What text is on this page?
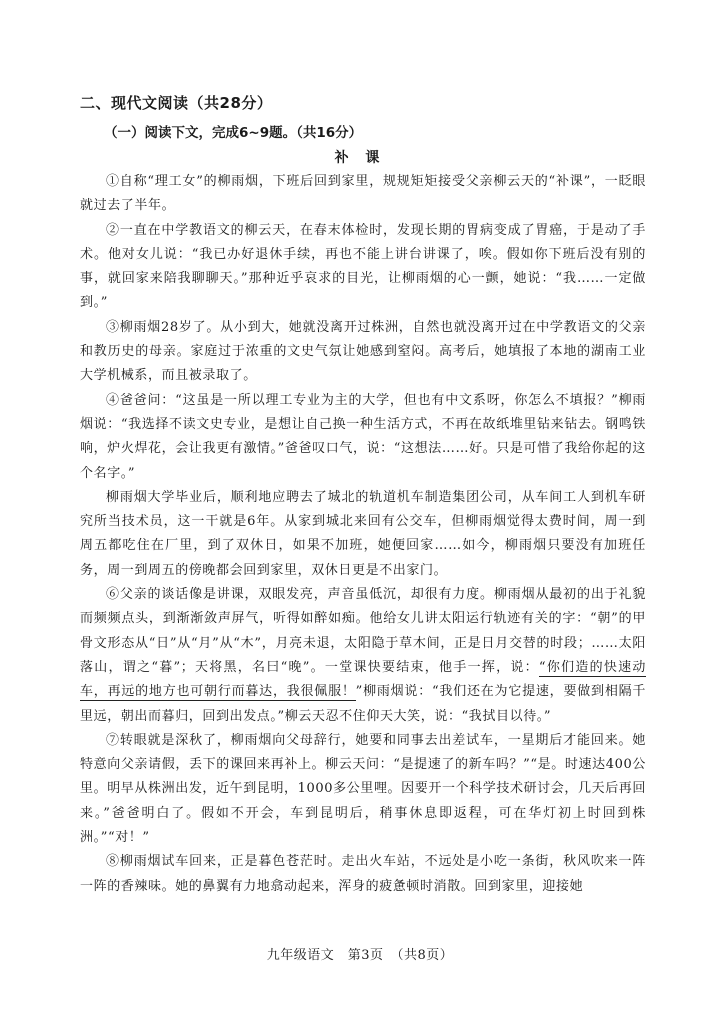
二、现代文阅读（共28分）
（一）阅读下文，完成6~9题。（共16分）
补 课

①自称“理工女”的柳雨烟，下班后回到家里，规规矩矩接受父亲柳云天的“补课”，一眨眼就过去了半年。

②一直在中学教语文的柳云天，在春末体检时，发现长期的胃病变成了胃癌，于是动了手术。他对女儿说：“我已办好退休手续，再也不能上讲台讲课了，唉。假如你下班后没有别的事，就回家来陪我聊聊天。”那种近乎哀求的目光，让柳雨烟的心一颤，她说：“我……一定做到。”

③柳雨烟28岁了。从小到大，她就没离开过株洲，自然也就没离开过在中学教语文的父亲和教历史的母亲。家庭过于浓重的文史气氛让她感到窒闷。高考后，她填报了本地的湖南工业大学机械系，而且被录取了。

④爸爸问：“这虽是一所以理工专业为主的大学，但也有中文系呀，你怎么不填报？”柳雨烟说：“我选择不读文史专业，是想让自己换一种生活方式，不再在故纸堆里钻来钻去。钢鸣铁响，炉火焊花，会让我更有激情。”爸爸叹口气，说：“这想法……好。只是可惜了我给你起的这个名字。”

柳雨烟大学毕业后，顺利地应聘去了城北的轨道机车制造集团公司，从车间工人到机车研究所当技术员，这一干就是6年。从家到城北来回有公交车，但柳雨烟觉得太费时间，周一到周五都吃住在厂里，到了双休日，如果不加班，她便回家……如今，柳雨烟只要没有加班任务，周一到周五的傍晚都会回到家里，双休日更是不出家门。

⑥父亲的谈话像是讲课，双眼发亮，声音虽低沉，却很有力度。柳雨烟从最初的出于礼貌而频频点头，到渐渐敛声屏气，听得如醉如痴。他给女儿讲太阳运行轨迹有关的字：“朝”的甲骨文形态从“日”从“月”从“木”，月亮未退，太阳隐于草木间，正是日月交替的时段；……太阳落山，谓之“暮”；天将黑，名曰“晚”。一堂课快要结束，他手一挥，说：“你们造的快速动车，再远的地方也可朝行而暮达，我很佩服！”柳雨烟说：“我们还在为它提速，要做到相隔千里远，朝出而暮归，回到出发点。”柳云天忍不住仰天大笑，说：“我拭目以待。”

⑦转眼就是深秋了，柳雨烟向父母辞行，她要和同事去出差试车，一星期后才能回来。她特意向父亲请假，丢下的课回来再补上。柳云天问：“是提速了的新车吗？”“是。时速达400公里。明早从株洲出发，近午到昆明，1000多公里哩。因要开一个科学技术研讨会，几天后再回来。”爸爸明白了。假如不开会，车到昆明后，稍事休息即返程，可在华灯初上时回到株洲。”“对！”

⑧柳雨烟试车回来，正是暮色苍茫时。走出火车站，不远处是小吃一条街，秋风吹来一阵一阵的香辣味。她的鼻翼有力地翕动起来，浑身的疲惫顿时消散。回到家里，迎接她

九年级语文　第3页　（共8页）
